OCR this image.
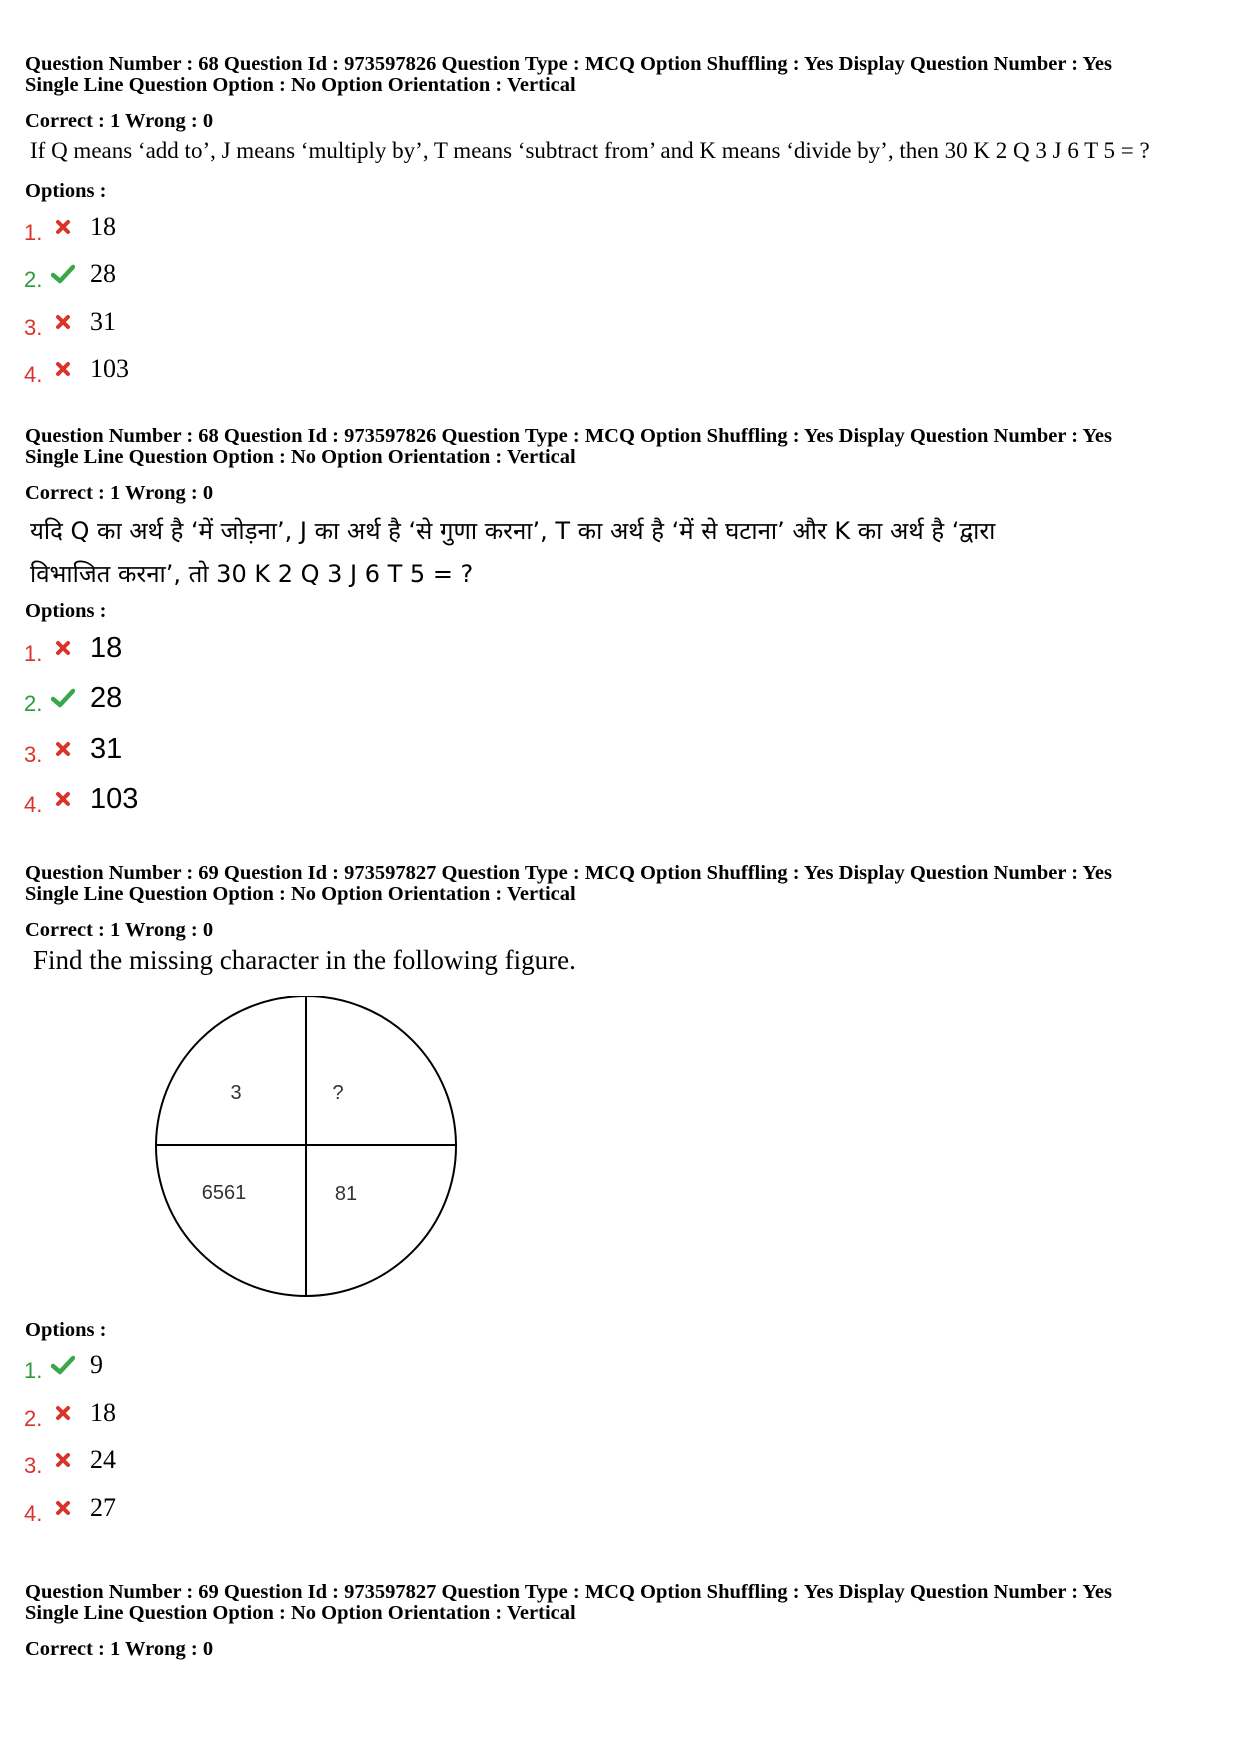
Question Number : 68 Question Id : 973597826 Question Type : MCQ Option Shuffling : Yes Display Question Number : Yes
Single Line Question Option : No Option Orientation : Vertical
Correct : 1 Wrong : 0
If Q means ‘add to’, J means ‘multiply by’, T means ‘subtract from’ and K means ‘divide by’, then 30 K 2 Q 3 J 6 T 5 = ?
Options :
1. 18
2. 28
3. 31
4. 103
Question Number : 68 Question Id : 973597826 Question Type : MCQ Option Shuffling : Yes Display Question Number : Yes
Single Line Question Option : No Option Orientation : Vertical
Correct : 1 Wrong : 0
यदि Q का अर्थ है ‘में जोड़ना’, J का अर्थ है ‘से गुणा करना’, T का अर्थ है ‘में से घटाना’ और K का अर्थ है ‘द्वारा
विभाजित करना’, तो 30 K 2 Q 3 J 6 T 5 = ?
Options :
1. 18
2. 28
3. 31
4. 103
Question Number : 69 Question Id : 973597827 Question Type : MCQ Option Shuffling : Yes Display Question Number : Yes
Single Line Question Option : No Option Orientation : Vertical
Correct : 1 Wrong : 0
Find the missing character in the following figure.
3	?
6561	81
Options :
1. 9
2. 18
3. 24
4. 27
Question Number : 69 Question Id : 973597827 Question Type : MCQ Option Shuffling : Yes Display Question Number : Yes
Single Line Question Option : No Option Orientation : Vertical
Correct : 1 Wrong : 0
